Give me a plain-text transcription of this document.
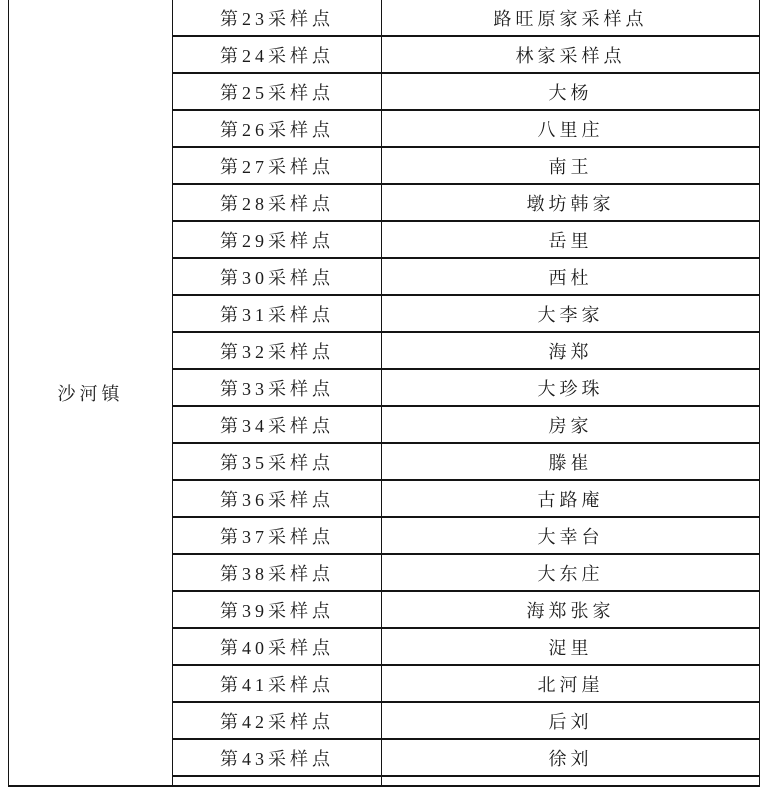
沙河镇	第23采样点	路旺原家采样点
	第24采样点	林家采样点
	第25采样点	大杨
	第26采样点	八里庄
	第27采样点	南王
	第28采样点	墩坊韩家
	第29采样点	岳里
	第30采样点	西杜
	第31采样点	大李家
	第32采样点	海郑
	第33采样点	大珍珠
	第34采样点	房家
	第35采样点	滕崔
	第36采样点	古路庵
	第37采样点	大幸台
	第38采样点	大东庄
	第39采样点	海郑张家
	第40采样点	浞里
	第41采样点	北河崖
	第42采样点	后刘
	第43采样点	徐刘
